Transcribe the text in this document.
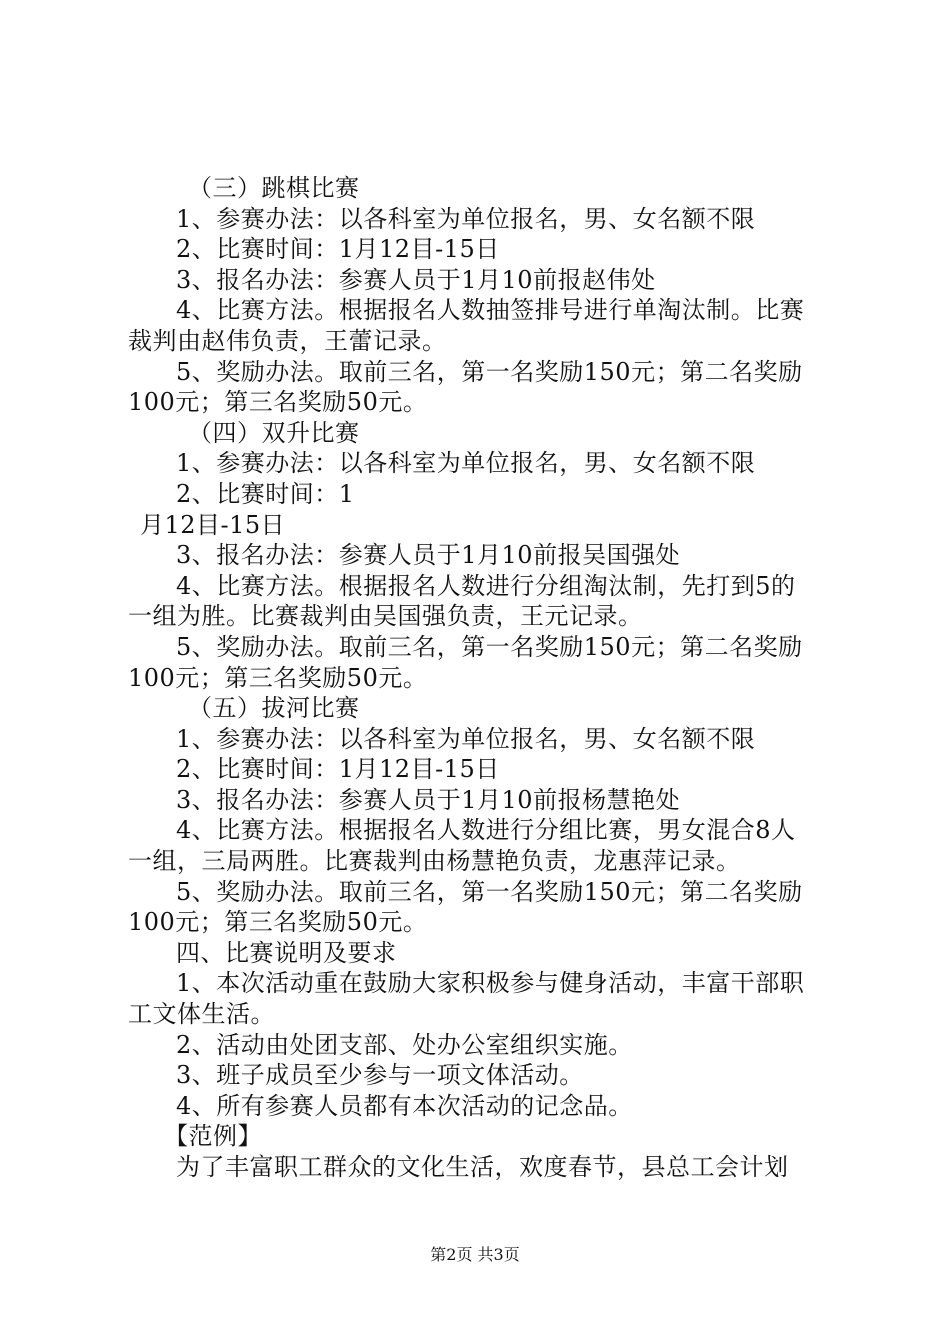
（三）跳棋比赛
1、参赛办法：以各科室为单位报名，男、女名额不限
2、比赛时间：1月12目-15日
3、报名办法：参赛人员于1月10前报赵伟处
4、比赛方法。根据报名人数抽签排号进行单淘汰制。比赛
裁判由赵伟负责，王蕾记录。
5、奖励办法。取前三名，第一名奖励150元；第二名奖励
100元；第三名奖励50元。
（四）双升比赛
1、参赛办法：以各科室为单位报名，男、女名额不限
2、比赛时间：1
月12目-15日
3、报名办法：参赛人员于1月10前报吴国强处
4、比赛方法。根据报名人数进行分组淘汰制，先打到5的
一组为胜。比赛裁判由吴国强负责，王元记录。
5、奖励办法。取前三名，第一名奖励150元；第二名奖励
100元；第三名奖励50元。
（五）拔河比赛
1、参赛办法：以各科室为单位报名，男、女名额不限
2、比赛时间：1月12目-15日
3、报名办法：参赛人员于1月10前报杨慧艳处
4、比赛方法。根据报名人数进行分组比赛，男女混合8人
一组，三局两胜。比赛裁判由杨慧艳负责，龙惠萍记录。
5、奖励办法。取前三名，第一名奖励150元；第二名奖励
100元；第三名奖励50元。
四、比赛说明及要求
1、本次活动重在鼓励大家积极参与健身活动，丰富干部职
工文体生活。
2、活动由处团支部、处办公室组织实施。
3、班子成员至少参与一项文体活动。
4、所有参赛人员都有本次活动的记念品。
【范例】
为了丰富职工群众的文化生活，欢度春节，县总工会计划
第2页 共3页
